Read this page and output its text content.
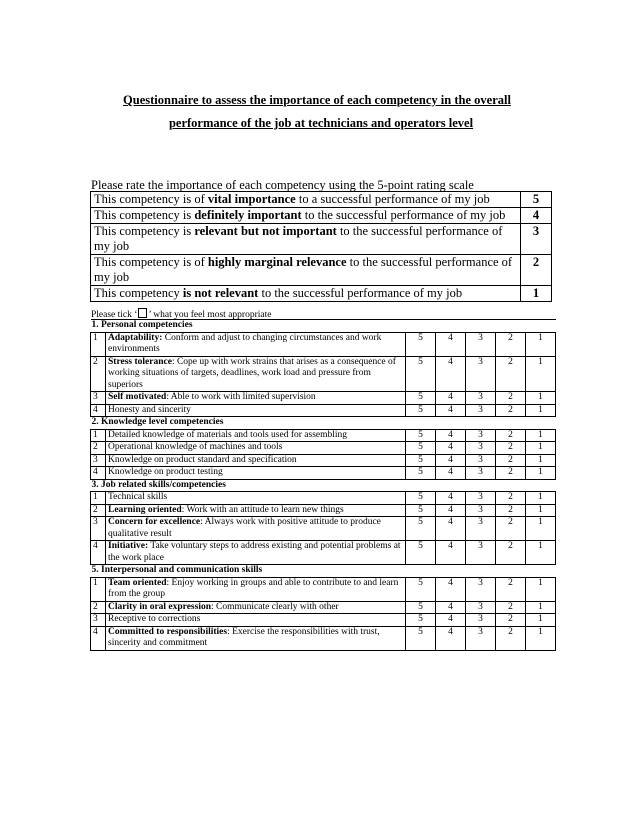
Questionnaire to assess the importance of each competency in the overall
performance of the job at technicians and operators level
Please rate the importance of each competency using the 5-point rating scale
This competency is of vital importance to a successful performance of my job	5
This competency is definitely important to the successful performance of my job	4
This competency is relevant but not important to the successful performance of my job	3
This competency is of highly marginal relevance to the successful performance of my job	2
This competency is not relevant to the successful performance of my job	1
Please tick ‘ ’ what you feel most appropriate
1. Personal competencies						
1	Adaptability: Conform and adjust to changing circumstances and work environments	5	4	3	2	1
2	Stress tolerance: Cope up with work strains that arises as a consequence of working situations of targets, deadlines, work load and pressure from superiors	5	4	3	2	1
3	Self motivated: Able to work with limited supervision	5	4	3	2	1
4	Honesty and sincerity	5	4	3	2	1
2. Knowledge level competencies						
1	Detailed knowledge of materials and tools used for assembling	5	4	3	2	1
2	Operational knowledge of machines and tools	5	4	3	2	1
3	Knowledge on product standard and specification	5	4	3	2	1
4	Knowledge on product testing	5	4	3	2	1
3. Job related skills/competencies						
1	Technical skills	5	4	3	2	1
2	Learning oriented: Work with an attitude to learn new things	5	4	3	2	1
3	Concern for excellence: Always work with positive attitude to produce qualitative result	5	4	3	2	1
4	Initiative: Take voluntary steps to address existing and potential problems at the work place	5	4	3	2	1
5. Interpersonal and communication skills						
1	Team oriented: Enjoy working in groups and able to contribute to and learn from the group	5	4	3	2	1
2	Clarity in oral expression: Communicate clearly with other	5	4	3	2	1
3	Receptive to corrections	5	4	3	2	1
4	Committed to responsibilities: Exercise the responsibilities with trust, sincerity and commitment	5	4	3	2	1
